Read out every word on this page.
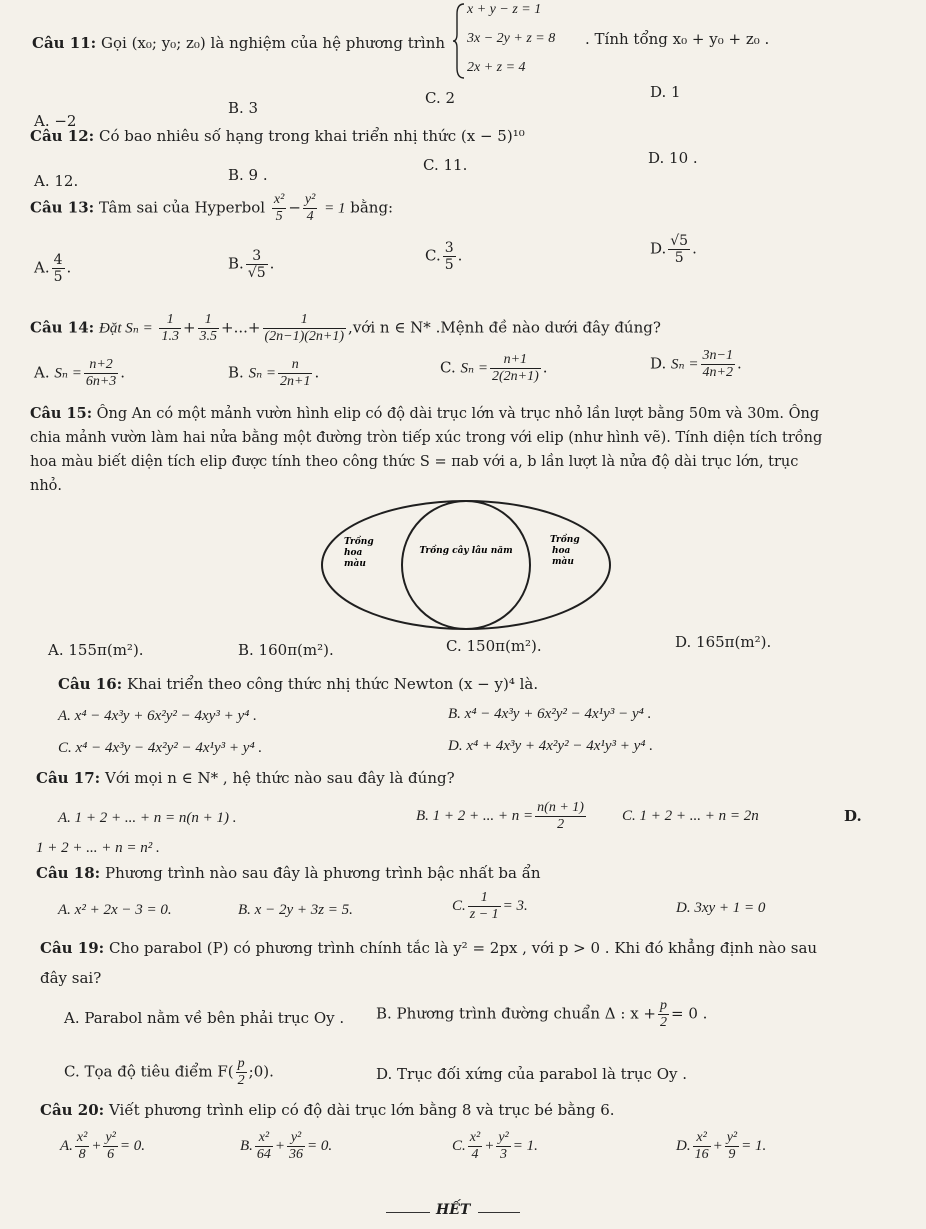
Câu 11: Gọi (x₀; y₀; z₀) là nghiệm của hệ phương trình
x + y − z = 1
3x − 2y + z = 8
2x + z = 4
. Tính tổng x₀ + y₀ + z₀ .
A. −2
B. 3
C. 2	D. 1
Câu 12: Có bao nhiêu số hạng trong khai triển nhị thức (x − 5)¹⁰
A. 12.	B. 9 .
C. 11.	D. 10 .
Câu 13: Tâm sai của Hyperbol $\frac{\text{x²}}{5} - \frac{\text{y²}}{4} = 1$ bằng:
A. $\frac{4}{5}$ .	B. $\frac{3}{√5}$ .	C. $\frac{3}{5}$ .	D. $\frac{√5}{5}$ .
Câu 14: Đặt $S_n = \frac{1}{1.3} + \frac{1}{3.5}$ +...+ $\frac{1}{(2n-1)(2n+1)}$ ,với n ∈ N* .Mệnh đề nào dưới đây đúng?
A. $S_n = \frac{n+2}{6n+3}$ .	B. $S_n = \frac{n}{2n+1}$ .	C. $S_n = \frac{n+1}{2(2n+1)}$ .	D. $S_n = \frac{3n-1}{4n+2}$ .
Câu 15: Ông An có một mảnh vườn hình elip có độ dài trục lớn và trục nhỏ lần lượt bằng 50m và 30m. Ông
chia mảnh vườn làm hai nửa bằng một đường tròn tiếp xúc trong với elip (như hình vẽ). Tính diện tích trồng
hoa màu biết diện tích elip được tính theo công thức S = πab với a, b lần lượt là nửa độ dài trục lớn, trục
nhỏ.
Trồng
hoa
màu
Trồng cây lâu năm
Trồng
hoa
màu
A. 155π(m²).	B. 160π(m²).	C. 150π(m²).	D. 165π(m²).
Câu 16: Khai triển theo công thức nhị thức Newton (x − y)⁴ là.
A. x⁴ − 4x³y + 6x²y² − 4xy³ + y⁴ .	B. x⁴ − 4x³y + 6x²y² − 4x¹y³ − y⁴ .
C. x⁴ − 4x³y − 4x²y² − 4x¹y³ + y⁴ .	D. x⁴ + 4x³y + 4x²y² − 4x¹y³ + y⁴ .
Câu 17: Với mọi n ∈ N* , hệ thức nào sau đây là đúng?
A. 1 + 2 + ... + n = n(n + 1) .	B. 1 + 2 + ... + $n = \frac{n(n + 1)}{2} C$. 1 + 2 + ... + n = 2n	D.
1 + 2 + ... + n = n² .
Câu 18: Phương trình nào sau đây là phương trình bậc nhất ba ẩn
A. x² + 2x − 3 = 0.	B. x − 2y + 3z = 5.	C. $\frac{1}{z - 1} = 3$.	D. 3xy + 1 = 0
Câu 19: Cho parabol (P) có phương trình chính tắc là y² = 2px , với p > 0 . Khi đó khẳng định nào sau
đây sai?
A. Parabol nằm về bên phải trục Oy . B. Phương trình đường chuẩn Δ : $x + \frac{p}{2} = 0$ .
C. Tọa độ tiêu điểm $F( \frac{p}{2}$ ;0).	D. Trục đối xứng của parabol là trục Oy .
Câu 20: Viết phương trình elip có độ dài trục lớn bằng 8 và trục bé bằng 6.
A. $\frac{\text{x²}}{8} + \frac{\text{y²}}{6} = 0$.	B. $\frac{\text{x²}}{64} + \frac{\text{y²}}{36} = 0$.	C. $\frac{\text{x²}}{4} + \frac{\text{y²}}{3} = 1$.	D. $\frac{\text{x²}}{16} + \frac{\text{y²}}{9} = 1$.
HẾT
